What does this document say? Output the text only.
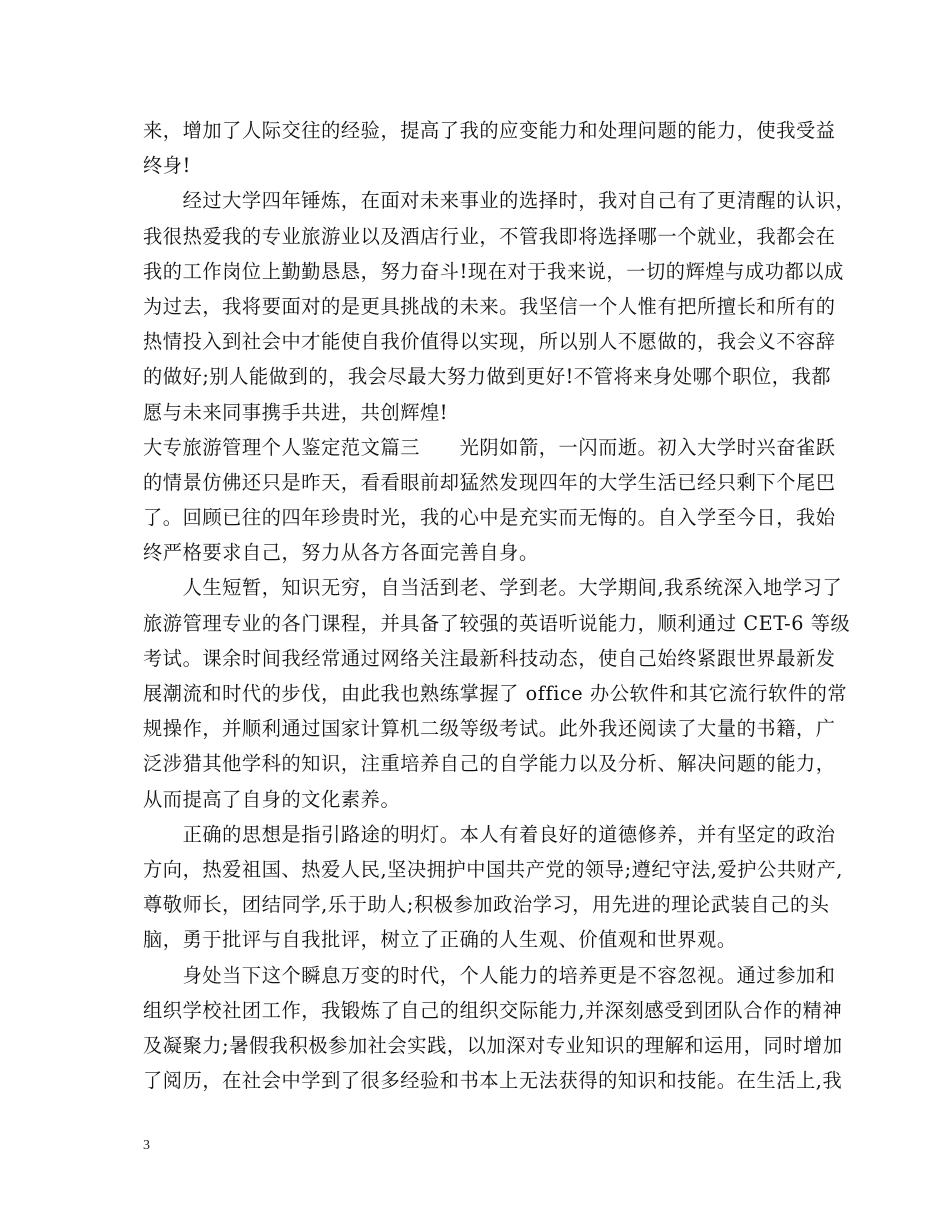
来，增加了人际交往的经验，提高了我的应变能力和处理问题的能力，使我受益
终身!
　　经过大学四年锤炼，在面对未来事业的选择时，我对自己有了更清醒的认识，
我很热爱我的专业旅游业以及酒店行业，不管我即将选择哪一个就业，我都会在
我的工作岗位上勤勤恳恳，努力奋斗!现在对于我来说，一切的辉煌与成功都以成
为过去，我将要面对的是更具挑战的未来。我坚信一个人惟有把所擅长和所有的
热情投入到社会中才能使自我价值得以实现，所以别人不愿做的，我会义不容辞
的做好;别人能做到的，我会尽最大努力做到更好!不管将来身处哪个职位，我都
愿与未来同事携手共进，共创辉煌!
大专旅游管理个人鉴定范文篇三　　光阴如箭，一闪而逝。初入大学时兴奋雀跃
的情景仿佛还只是昨天，看看眼前却猛然发现四年的大学生活已经只剩下个尾巴
了。回顾已往的四年珍贵时光，我的心中是充实而无悔的。自入学至今日，我始
终严格要求自己，努力从各方各面完善自身。
　　人生短暂，知识无穷，自当活到老、学到老。大学期间,我系统深入地学习了
旅游管理专业的各门课程，并具备了较强的英语听说能力，顺利通过 CET-6 等级
考试。课余时间我经常通过网络关注最新科技动态，使自己始终紧跟世界最新发
展潮流和时代的步伐，由此我也熟练掌握了 office 办公软件和其它流行软件的常
规操作，并顺利通过国家计算机二级等级考试。此外我还阅读了大量的书籍，广
泛涉猎其他学科的知识，注重培养自己的自学能力以及分析、解决问题的能力，
从而提高了自身的文化素养。
　　正确的思想是指引路途的明灯。本人有着良好的道德修养，并有坚定的政治
方向，热爱祖国、热爱人民,坚决拥护中国共产党的领导;遵纪守法,爱护公共财产,
尊敬师长，团结同学,乐于助人;积极参加政治学习，用先进的理论武装自己的头
脑，勇于批评与自我批评，树立了正确的人生观、价值观和世界观。
　　身处当下这个瞬息万变的时代，个人能力的培养更是不容忽视。通过参加和
组织学校社团工作，我锻炼了自己的组织交际能力,并深刻感受到团队合作的精神
及凝聚力;暑假我积极参加社会实践，以加深对专业知识的理解和运用，同时增加
了阅历，在社会中学到了很多经验和书本上无法获得的知识和技能。在生活上,我
3
